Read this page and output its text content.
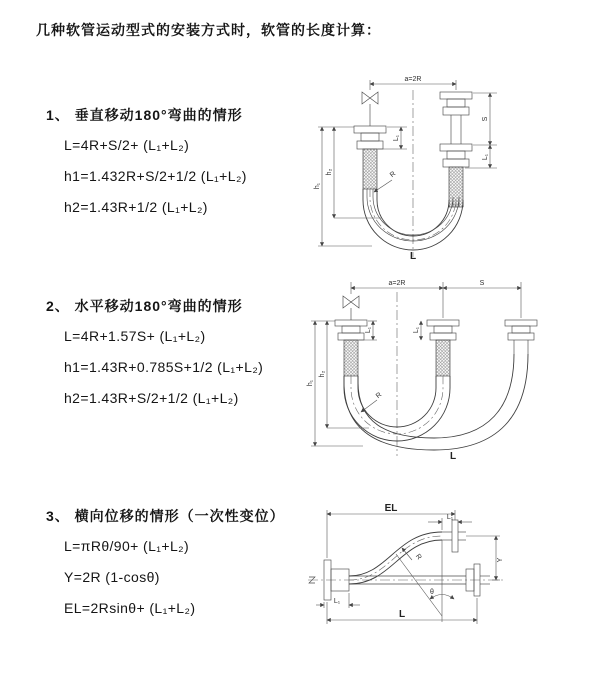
几种软管运动型式的安装方式时，软管的长度计算：
1、 垂直移动180°弯曲的情形
L=4R+S/2+ (L₁+L₂)
h1=1.432R+S/2+1/2 (L₁+L₂)
h2=1.43R+1/2 (L₁+L₂)
2、 水平移动180°弯曲的情形
L=4R+1.57S+ (L₁+L₂)
h1=1.43R+0.785S+1/2 (L₁+L₂)
h2=1.43R+S/2+1/2 (L₁+L₂)
3、 横向位移的情形（一次性变位）
L=πRθ/90+ (L₁+L₂)
Y=2R (1-cosθ)
EL=2Rsinθ+ (L₁+L₂)
a=2R
S
L₁
L₁
h₁
h₂	R
L
a=2R	S
h₁
h₂
L₁	L₁
R
L
EL
L₁
Y
θ
R
L
L₁
